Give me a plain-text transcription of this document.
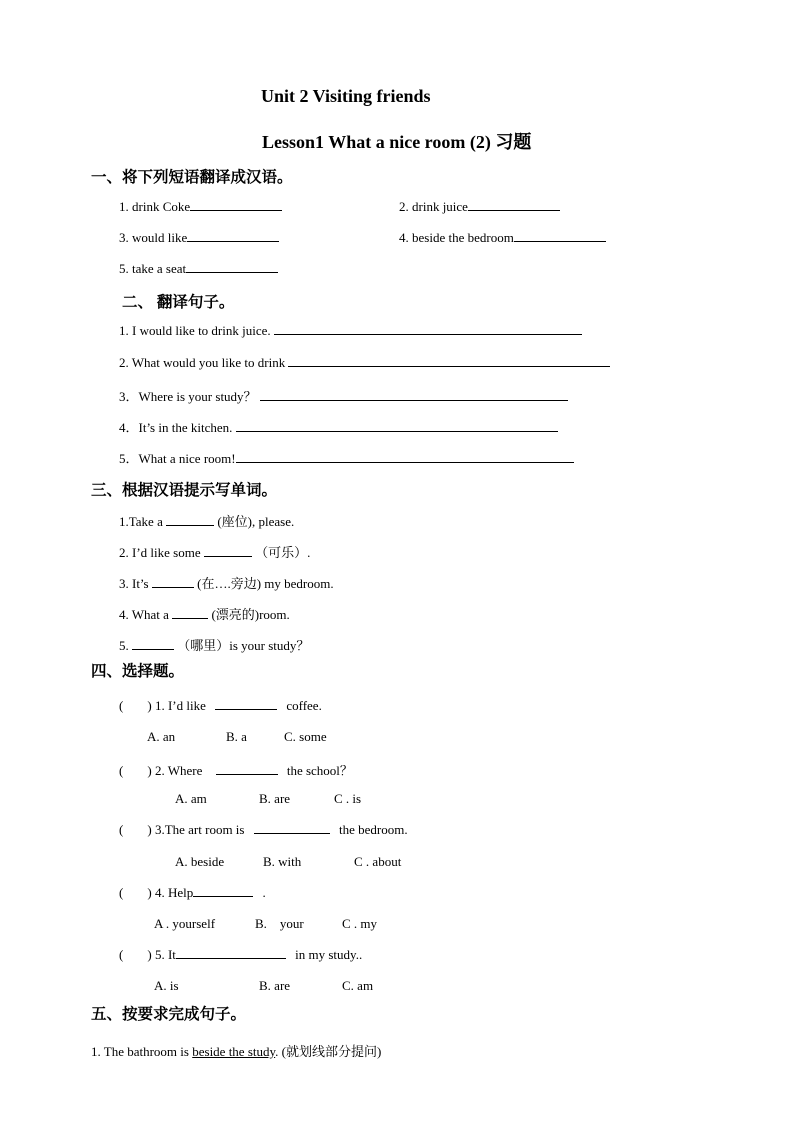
Unit 2 Visiting friends
Lesson1 What a nice room (2) 习题
一、将下列短语翻译成汉语。
1. drink Coke	2. drink juice
3. would like	4. beside the bedroom
5. take a seat
二、 翻译句子。
1. I would like to drink juice.
2. What would you like to drink
3．Where is your study？
4．It’s in the kitchen.
5．What a nice room!
三、根据汉语提示写单词。
1.Take a	(座位), please.
2. I’d like some	（可乐）.
3. It’s	(在….旁边) my bedroom.
4. What a	(漂亮的)room.
5.	（哪里）is your study？
四、选择题。
( ) 1. I’d like	coffee.
A. an	B. a	C. some
( ) 2. Where	the school？
A. am	B. are	C . is
( ) 3.The art room is	the bedroom.
A. beside	B. with	C . about
( ) 4. Help	.
A . yourself	B.    your	C . my
( ) 5. It	in my study..
A. is	B. are	C. am
五、按要求完成句子。
1. The bathroom is beside the study. (就划线部分提问)
